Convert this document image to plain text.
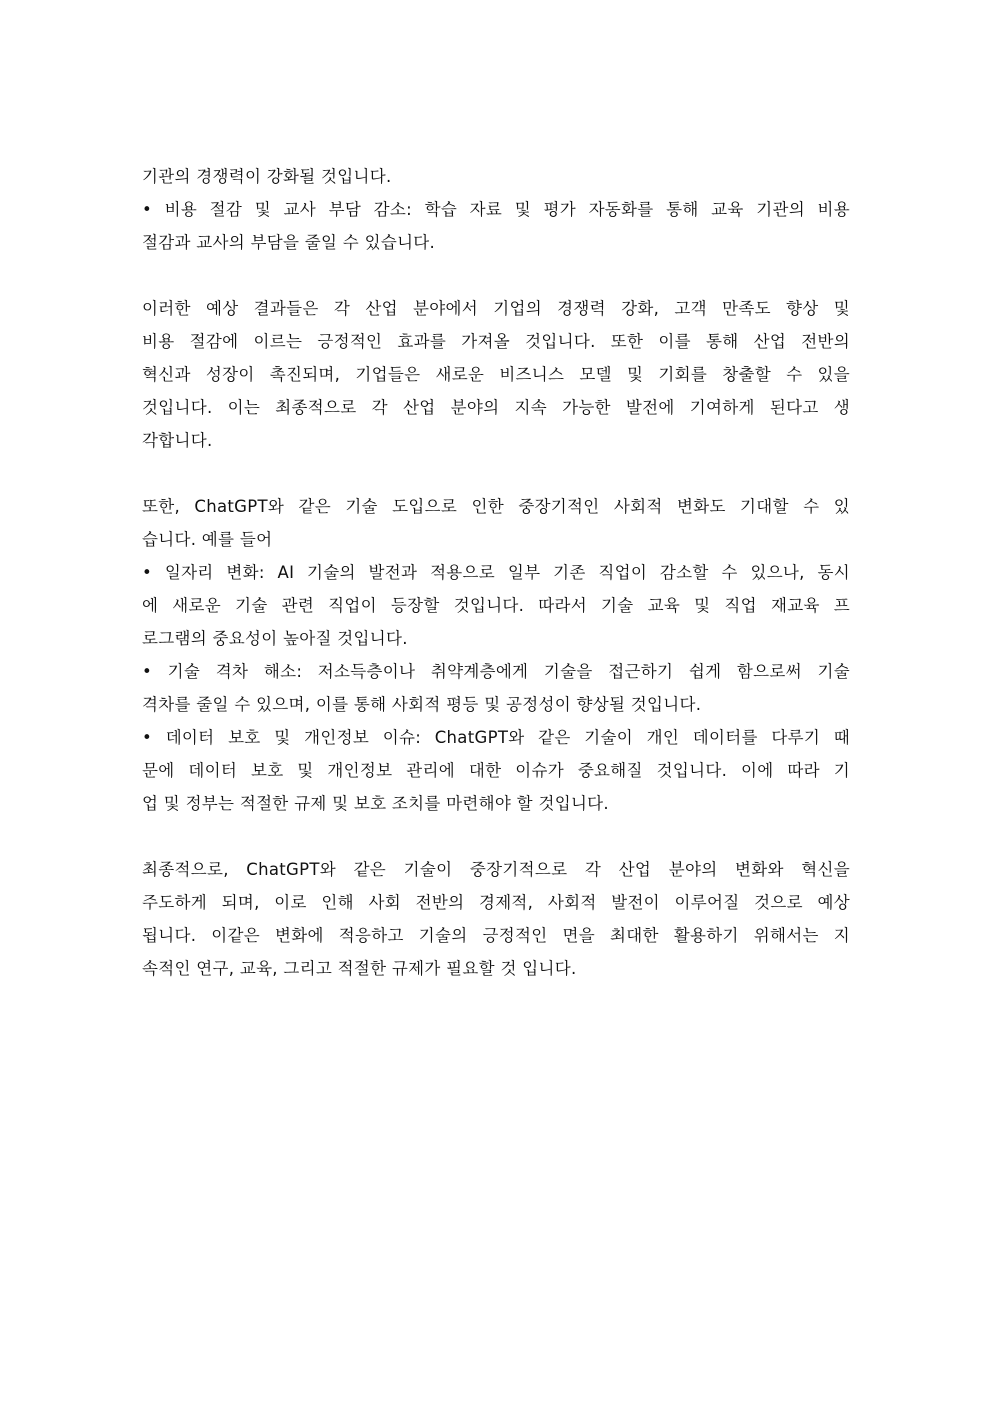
기관의 경쟁력이 강화될 것입니다.
• 비용 절감 및 교사 부담 감소: 학습 자료 및 평가 자동화를 통해 교육 기관의 비용
절감과 교사의 부담을 줄일 수 있습니다.
이러한 예상 결과들은 각 산업 분야에서 기업의 경쟁력 강화, 고객 만족도 향상 및
비용 절감에 이르는 긍정적인 효과를 가져올 것입니다. 또한 이를 통해 산업 전반의
혁신과 성장이 촉진되며, 기업들은 새로운 비즈니스 모델 및 기회를 창출할 수 있을
것입니다. 이는 최종적으로 각 산업 분야의 지속 가능한 발전에 기여하게 된다고 생
각합니다.
또한, ChatGPT와 같은 기술 도입으로 인한 중장기적인 사회적 변화도 기대할 수 있
습니다. 예를 들어
• 일자리 변화: AI 기술의 발전과 적용으로 일부 기존 직업이 감소할 수 있으나, 동시
에 새로운 기술 관련 직업이 등장할 것입니다. 따라서 기술 교육 및 직업 재교육 프
로그램의 중요성이 높아질 것입니다.
• 기술 격차 해소: 저소득층이나 취약계층에게 기술을 접근하기 쉽게 함으로써 기술
격차를 줄일 수 있으며, 이를 통해 사회적 평등 및 공정성이 향상될 것입니다.
• 데이터 보호 및 개인정보 이슈: ChatGPT와 같은 기술이 개인 데이터를 다루기 때
문에 데이터 보호 및 개인정보 관리에 대한 이슈가 중요해질 것입니다. 이에 따라 기
업 및 정부는 적절한 규제 및 보호 조치를 마련해야 할 것입니다.
최종적으로, ChatGPT와 같은 기술이 중장기적으로 각 산업 분야의 변화와 혁신을
주도하게 되며, 이로 인해 사회 전반의 경제적, 사회적 발전이 이루어질 것으로 예상
됩니다. 이같은 변화에 적응하고 기술의 긍정적인 면을 최대한 활용하기 위해서는 지
속적인 연구, 교육, 그리고 적절한 규제가 필요할 것 입니다.
